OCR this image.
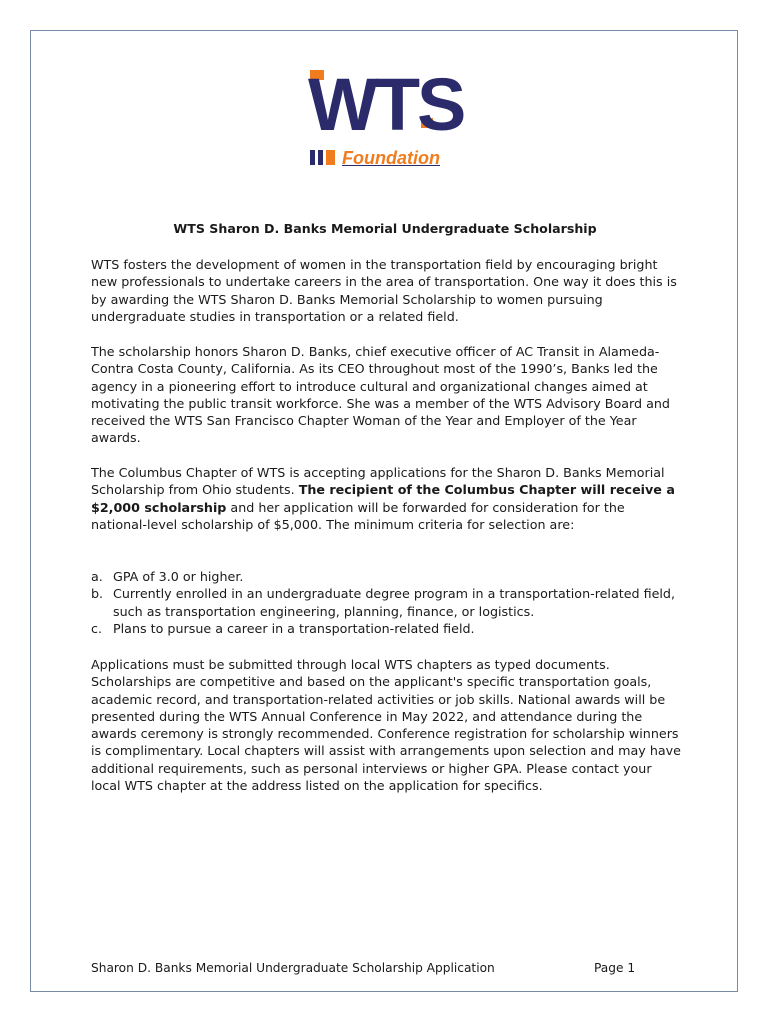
WTS
Foundation
WTS Sharon D. Banks Memorial Undergraduate Scholarship

WTS fosters the development of women in the transportation field by encouraging bright new professionals to undertake careers in the area of transportation. One way it does this is by awarding the WTS Sharon D. Banks Memorial Scholarship to women pursuing undergraduate studies in transportation or a related field.

The scholarship honors Sharon D. Banks, chief executive officer of AC Transit in Alameda-Contra Costa County, California. As its CEO throughout most of the 1990’s, Banks led the agency in a pioneering effort to introduce cultural and organizational changes aimed at motivating the public transit workforce. She was a member of the WTS Advisory Board and received the WTS San Francisco Chapter Woman of the Year and Employer of the Year awards.

The Columbus Chapter of WTS is accepting applications for the Sharon D. Banks Memorial Scholarship from Ohio students. The recipient of the Columbus Chapter will receive a $2,000 scholarship and her application will be forwarded for consideration for the national-level scholarship of $5,000. The minimum criteria for selection are:

a. GPA of 3.0 or higher.
b. Currently enrolled in an undergraduate degree program in a transportation-related field, such as transportation engineering, planning, finance, or logistics.
c. Plans to pursue a career in a transportation-related field.

Applications must be submitted through local WTS chapters as typed documents. Scholarships are competitive and based on the applicant's specific transportation goals, academic record, and transportation-related activities or job skills. National awards will be presented during the WTS Annual Conference in May 2022, and attendance during the awards ceremony is strongly recommended. Conference registration for scholarship winners is complimentary. Local chapters will assist with arrangements upon selection and may have additional requirements, such as personal interviews or higher GPA. Please contact your local WTS chapter at the address listed on the application for specifics.

Sharon D. Banks Memorial Undergraduate Scholarship Application	Page 1
